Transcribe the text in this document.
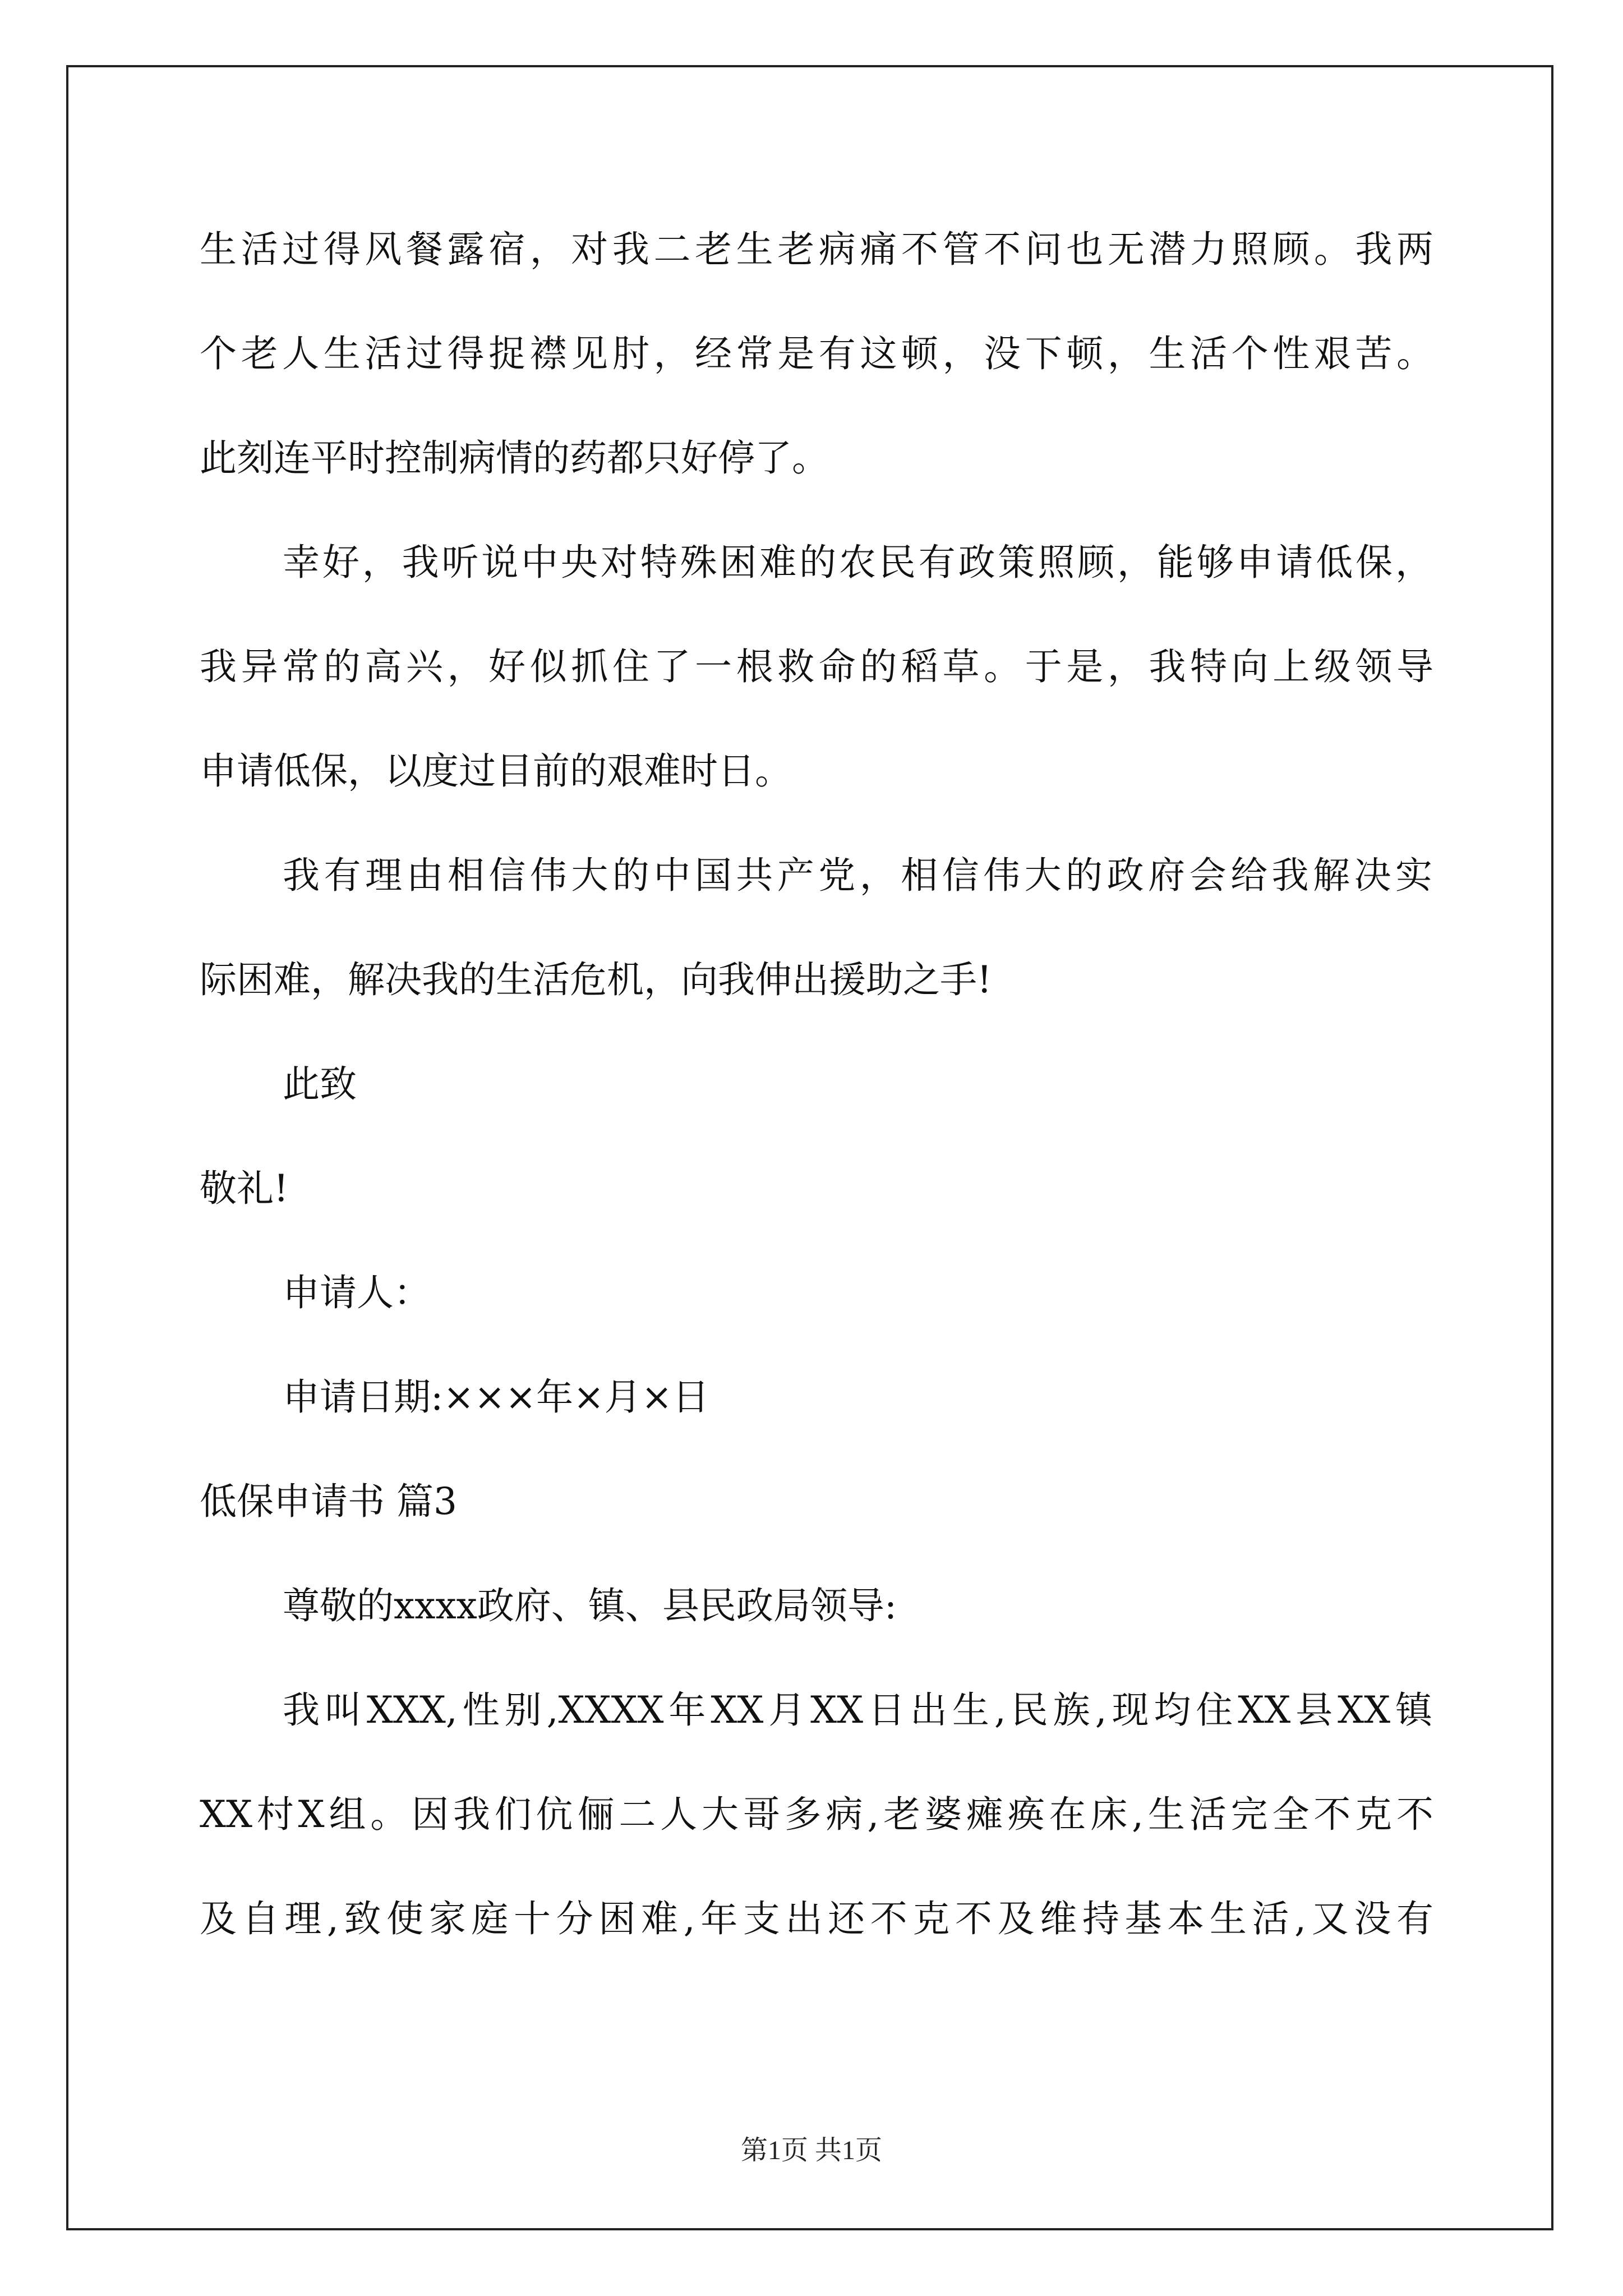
生活过得风餐露宿，对我二老生老病痛不管不问也无潜力照顾。我两
个老人生活过得捉襟见肘，经常是有这顿，没下顿，生活个性艰苦。
此刻连平时控制病情的药都只好停了。
幸好，我听说中央对特殊困难的农民有政策照顾，能够申请低保，
我异常的高兴，好似抓住了一根救命的稻草。于是，我特向上级领导
申请低保，以度过目前的艰难时日。
我有理由相信伟大的中国共产党，相信伟大的政府会给我解决实
际困难，解决我的生活危机，向我伸出援助之手!
此致
敬礼!
申请人：
申请日期:×××年×月×日
低保申请书 篇3
尊敬的xxxx政府、镇、县民政局领导:
我叫XXX,性别,XXXX年XX月XX日出生,民族,现均住XX县XX镇
XX村X组。因我们伉俪二人大哥多病,老婆瘫痪在床,生活完全不克不
及自理,致使家庭十分困难,年支出还不克不及维持基本生活,又没有
第1页 共1页
